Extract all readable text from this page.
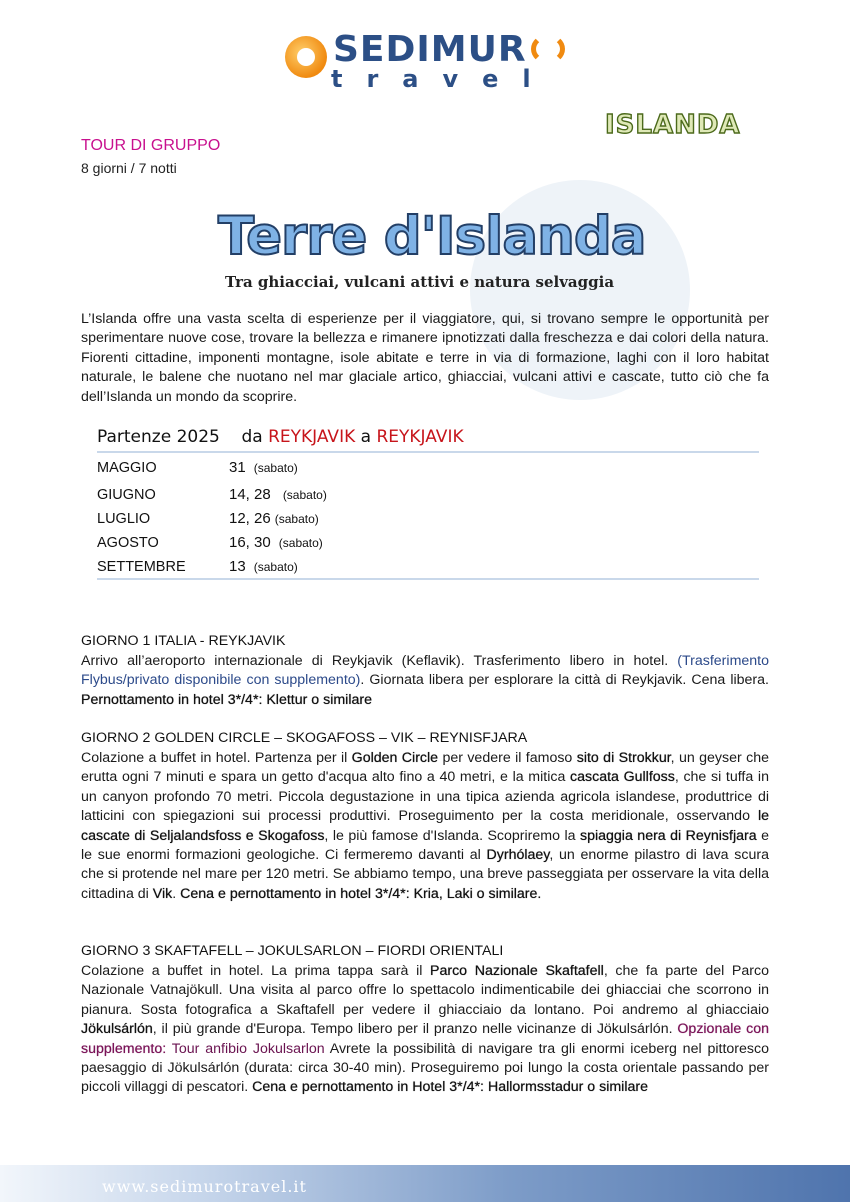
SEDIMUR
travel
ISLANDA
TOUR DI GRUPPO
8 giorni / 7 notti
Terre d'Islanda
Tra ghiacciai, vulcani attivi e natura selvaggia
L’Islanda offre una vasta scelta di esperienze per il viaggiatore, qui, si trovano sempre le opportunità per sperimentare nuove cose, trovare la bellezza e rimanere ipnotizzati dalla freschezza e dai colori della natura. Fiorenti cittadine, imponenti montagne, isole abitate e terre in via di formazione, laghi con il loro habitat naturale, le balene che nuotano nel mar glaciale artico, ghiacciai, vulcani attivi e cascate, tutto ciò che fa dell’Islanda un mondo da scoprire.
Partenze 2025 da REYKJAVIK a REYKJAVIK
MAGGIO	31 (sabato)
GIUGNO	14, 28 (sabato)
LUGLIO	12, 26 (sabato)
AGOSTO	16, 30 (sabato)
SETTEMBRE	13 (sabato)
GIORNO 1 ITALIA - REYKJAVIK
Arrivo all’aeroporto internazionale di Reykjavik (Keflavik). Trasferimento libero in hotel. (Trasferimento Flybus/privato disponibile con supplemento). Giornata libera per esplorare la città di Reykjavik. Cena libera. Pernottamento in hotel 3*/4*: Klettur o similare
GIORNO 2 GOLDEN CIRCLE – SKOGAFOSS – VIK – REYNISFJARA
Colazione a buffet in hotel. Partenza per il Golden Circle per vedere il famoso sito di Strokkur, un geyser che erutta ogni 7 minuti e spara un getto d'acqua alto fino a 40 metri, e la mitica cascata Gullfoss, che si tuffa in un canyon profondo 70 metri. Piccola degustazione in una tipica azienda agricola islandese, produttrice di latticini con spiegazioni sui processi produttivi. Proseguimento per la costa meridionale, osservando le cascate di Seljalandsfoss e Skogafoss, le più famose d'Islanda. Scopriremo la spiaggia nera di Reynisfjara e le sue enormi formazioni geologiche. Ci fermeremo davanti al Dyrhólaey, un enorme pilastro di lava scura che si protende nel mare per 120 metri. Se abbiamo tempo, una breve passeggiata per osservare la vita della cittadina di Vik. Cena e pernottamento in hotel 3*/4*: Kria, Laki o similare.
GIORNO 3 SKAFTAFELL – JOKULSARLON – FIORDI ORIENTALI
Colazione a buffet in hotel. La prima tappa sarà il Parco Nazionale Skaftafell, che fa parte del Parco Nazionale Vatnajökull. Una visita al parco offre lo spettacolo indimenticabile dei ghiacciai che scorrono in pianura. Sosta fotografica a Skaftafell per vedere il ghiacciaio da lontano. Poi andremo al ghiacciaio Jökulsárlón, il più grande d'Europa. Tempo libero per il pranzo nelle vicinanze di Jökulsárlón. Opzionale con supplemento: Tour anfibio Jokulsarlon Avrete la possibilità di navigare tra gli enormi iceberg nel pittoresco paesaggio di Jökulsárlón (durata: circa 30-40 min). Proseguiremo poi lungo la costa orientale passando per piccoli villaggi di pescatori. Cena e pernottamento in Hotel 3*/4*: Hallormsstadur o similare
www.sedimurotravel.it
